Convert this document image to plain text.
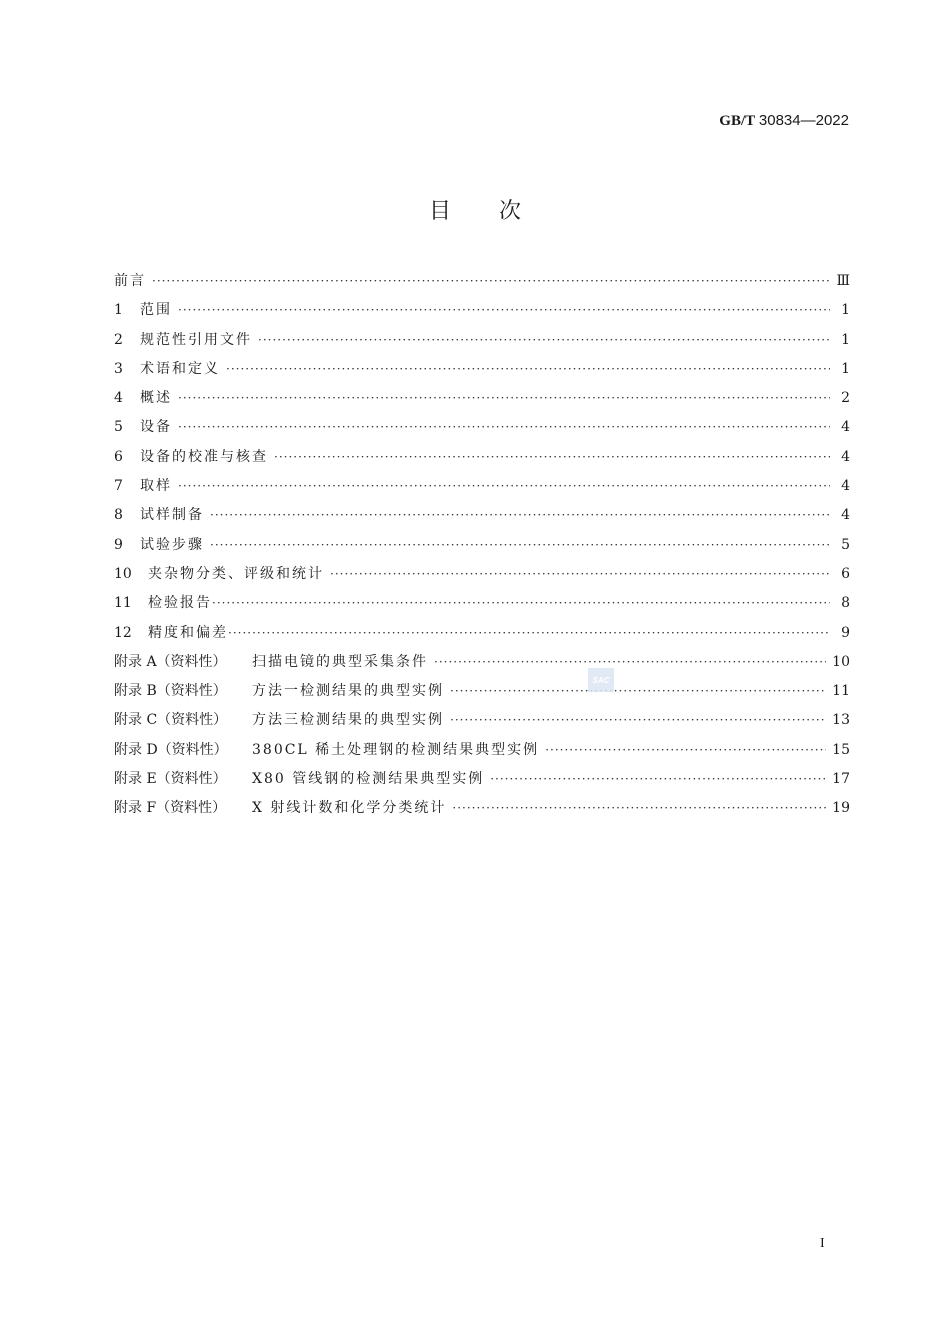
GB/T 30834—2022
目次
前言 ·····	Ⅲ
1	范围 ·····	1
2	规范性引用文件 ·····	1
3	术语和定义 ·····	1
4	概述 ·····	2
5	设备 ·····	4
6	设备的校准与核查 ·····	4
7	取样 ·····	4
8	试样制备 ·····	4
9	试验步骤 ·····	5
10	夹杂物分类、评级和统计 ·····	6
11	检验报告 ·····	8
12	精度和偏差 ·····	9
附录 A（资料性）	扫描电镜的典型采集条件 ·····	10
附录 B（资料性）	方法一检测结果的典型实例 ·····	11
附录 C（资料性）	方法三检测结果的典型实例 ·····	13
附录 D（资料性）	380CL 稀土处理钢的检测结果典型实例 ·····	15
附录 E（资料性）	X80 管线钢的检测结果典型实例 ·····	17
附录 F（资料性）	X 射线计数和化学分类统计 ·····	19
SAC
I
